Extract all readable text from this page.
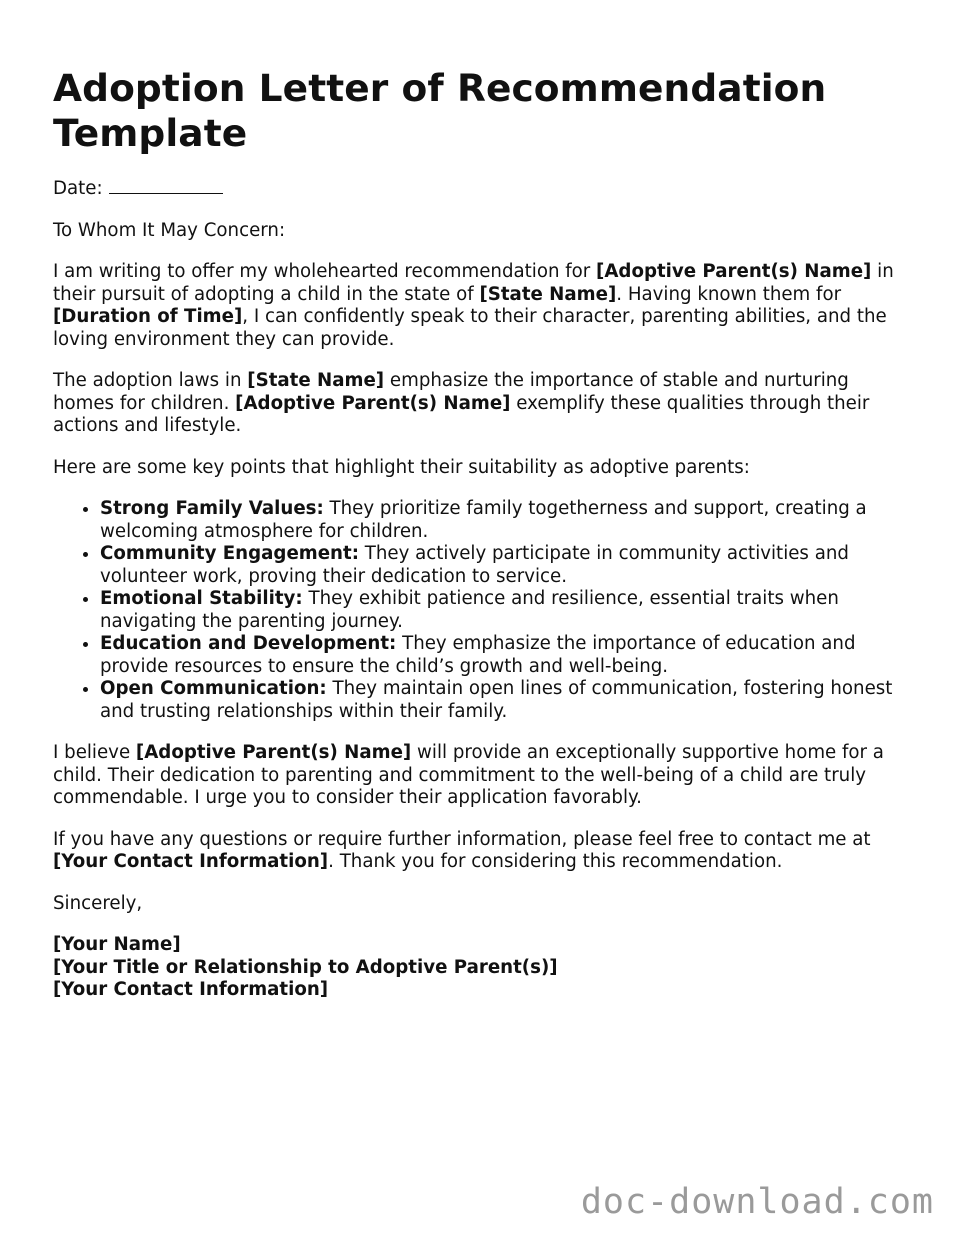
Adoption Letter of Recommendation Template

Date:

To Whom It May Concern:

I am writing to offer my wholehearted recommendation for [Adoptive Parent(s) Name] in their pursuit of adopting a child in the state of [State Name]. Having known them for [Duration of Time], I can confidently speak to their character, parenting abilities, and the loving environment they can provide.

The adoption laws in [State Name] emphasize the importance of stable and nurturing homes for children. [Adoptive Parent(s) Name] exemplify these qualities through their actions and lifestyle.

Here are some key points that highlight their suitability as adoptive parents:

• Strong Family Values: They prioritize family togetherness and support, creating a welcoming atmosphere for children.
• Community Engagement: They actively participate in community activities and volunteer work, proving their dedication to service.
• Emotional Stability: They exhibit patience and resilience, essential traits when navigating the parenting journey.
• Education and Development: They emphasize the importance of education and provide resources to ensure the child’s growth and well-being.
• Open Communication: They maintain open lines of communication, fostering honest and trusting relationships within their family.

I believe [Adoptive Parent(s) Name] will provide an exceptionally supportive home for a child. Their dedication to parenting and commitment to the well-being of a child are truly commendable. I urge you to consider their application favorably.

If you have any questions or require further information, please feel free to contact me at [Your Contact Information]. Thank you for considering this recommendation.

Sincerely,

[Your Name]

[Your Title or Relationship to Adoptive Parent(s)]

[Your Contact Information]

doc-download.com
